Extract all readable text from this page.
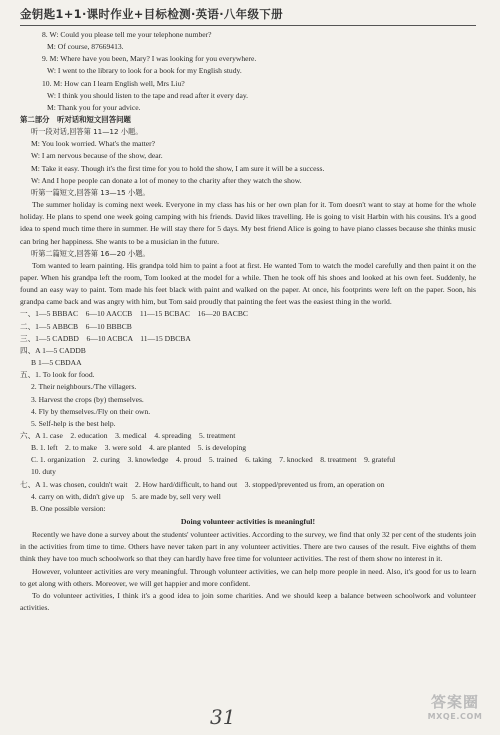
金钥匙1+1·课时作业+目标检测·英语·八年级下册
8. W: Could you please tell me your telephone number?
M: Of course, 87669413.
9. M: Where have you been, Mary? I was looking for you everywhere.
W: I went to the library to look for a book for my English study.
10. M: How can I learn English well, Mrs Liu?
W: I think you should listen to the tape and read after it every day.
M: Thank you for your advice.
第二部分　听对话和短文回答问题
听一段对话,回答第 11—12 小题。
M: You look worried. What's the matter?
W: I am nervous because of the show, dear.
M: Take it easy. Though it's the first time for you to hold the show, I am sure it will be a success.
W: And I hope people can donate a lot of money to the charity after they watch the show.
听第一篇短文,回答第 13—15 小题。
The summer holiday is coming next week. Everyone in my class has his or her own plan for it. Tom doesn't want to stay at home for the whole holiday. He plans to spend one week going camping with his friends. David likes travelling. He is going to visit Harbin with his cousins. It's a good idea to spend much time there in summer. He will stay there for 5 days. My best friend Alice is going to have piano classes because she thinks music can bring her happiness. She wants to be a musician in the future.
听第二篇短文,回答第 16—20 小题。
Tom wanted to learn painting. His grandpa told him to paint a foot at first. He wanted Tom to watch the model carefully and then paint it on the paper. When his grandpa left the room, Tom looked at the model for a while. Then he took off his shoes and looked at his own feet. Suddenly, he found an easy way to paint. Tom made his feet black with paint and walked on the paper. At once, his footprints were left on the paper. Soon, his grandpa came back and was angry with him, but Tom said proudly that painting the feet was the easiest thing in the world.
一、1—5 BBBAC　6—10 AACCB　11—15 BCBAC　16—20 BACBC
二、1—5 ABBCB　6—10 BBBCB
三、1—5 CADBD　6—10 ACBCA　11—15 DBCBA
四、A 1—5 CADDB
B 1—5 CBDAA
五、1. To look for food.
2. Their neighbours./The villagers.
3. Harvest the crops (by) themselves.
4. Fly by themselves./Fly on their own.
5. Self-help is the best help.
六、A 1. case　2. education　3. medical　4. spreading　5. treatment
B. 1. left　2. to make　3. were sold　4. are planted　5. is developing
C. 1. organization　2. curing　3. knowledge　4. proud　5. trained　6. taking　7. knocked　8. treatment　9. grateful
10. duty
七、A 1. was chosen, couldn't wait　2. How hard/difficult, to hand out　3. stopped/prevented us from, an operation on
4. carry on with, didn't give up　5. are made by, sell very well
B. One possible version:
Doing volunteer activities is meaningful!
Recently we have done a survey about the students' volunteer activities. According to the survey, we find that only 32 per cent of the students join in the activities from time to time. Others have never taken part in any volunteer activities. There are two causes of the result. Five eighths of them think they have too much schoolwork so that they can hardly have free time for volunteer activities. The rest of them show no interest in it.
However, volunteer activities are very meaningful. Through volunteer activities, we can help more people in need. Also, it's good for us to learn to get along with others. Moreover, we will get happier and more confident.
To do volunteer activities, I think it's a good idea to join some charities. And we should keep a balance between schoolwork and volunteer activities.
31
答案圈
MXQE.COM
